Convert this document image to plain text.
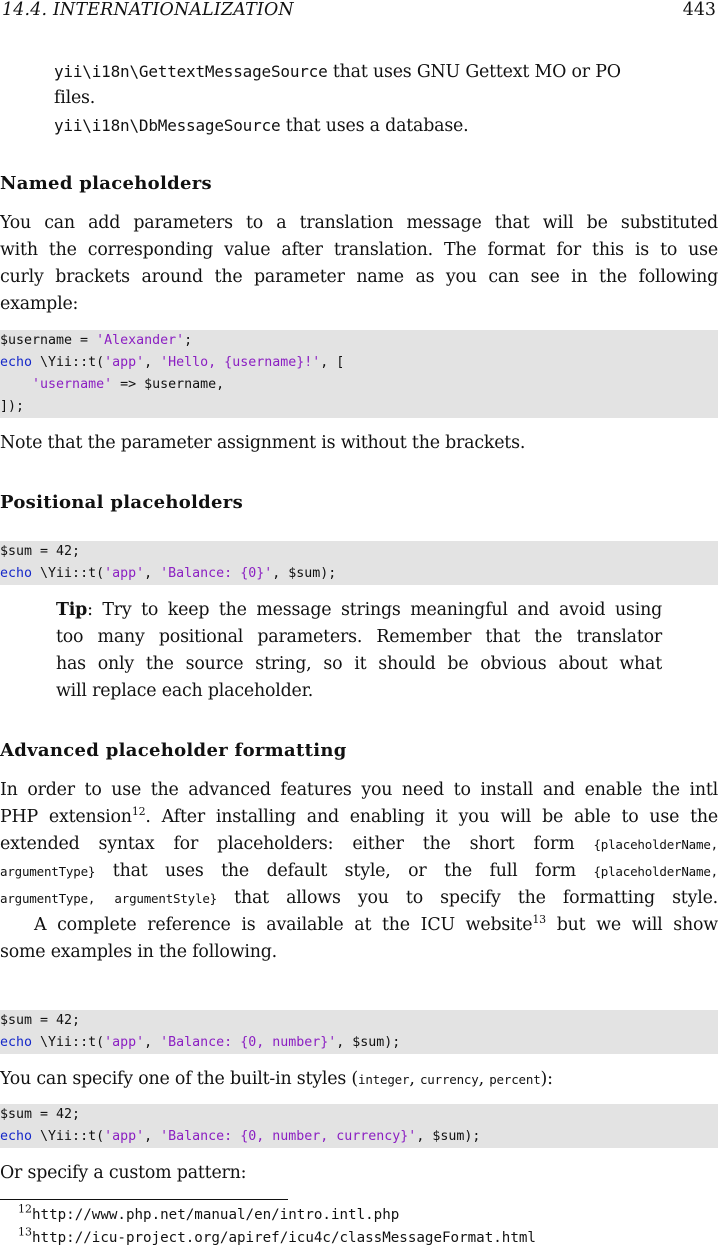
14.4. INTERNATIONALIZATION	443
yii\i18n\GettextMessageSource that uses GNU Gettext MO or PO
files.
yii\i18n\DbMessageSource that uses a database.
Named placeholders
You can add parameters to a translation message that will be substituted
with the corresponding value after translation. The format for this is to use
curly brackets around the parameter name as you can see in the following
example:
$username = 'Alexander';
echo \Yii::t('app', 'Hello, {username}!', [
'username' => $username,
]);
Note that the parameter assignment is without the brackets.
Positional placeholders
$sum = 42;
echo \Yii::t('app', 'Balance: {0}', $sum);
Tip: Try to keep the message strings meaningful and avoid using
too many positional parameters. Remember that the translator
has only the source string, so it should be obvious about what
will replace each placeholder.
Advanced placeholder formatting
In order to use the advanced features you need to install and enable the intl
PHP extension$^{12}$. After installing and enabling it you will be able to use the
extended syntax for placeholders: either the short form {placeholderName,
argumentType} that uses the default style, or the full form {placeholderName,
argumentType, argumentStyle} that allows you to specify the formatting style.
A complete reference is available at the ICU website$^{13}$ but we will show
some examples in the following.
$sum = 42;
echo \Yii::t('app', 'Balance: {0, number}', $sum);
You can specify one of the built-in styles (integer, currency, percent):
$sum = 42;
echo \Yii::t('app', 'Balance: {0, number, currency}', $sum);
Or specify a custom pattern:
$^{12}$http://www.php.net/manual/en/intro.intl.php
$^{13}$http://icu-project.org/apiref/icu4c/classMessageFormat.html
